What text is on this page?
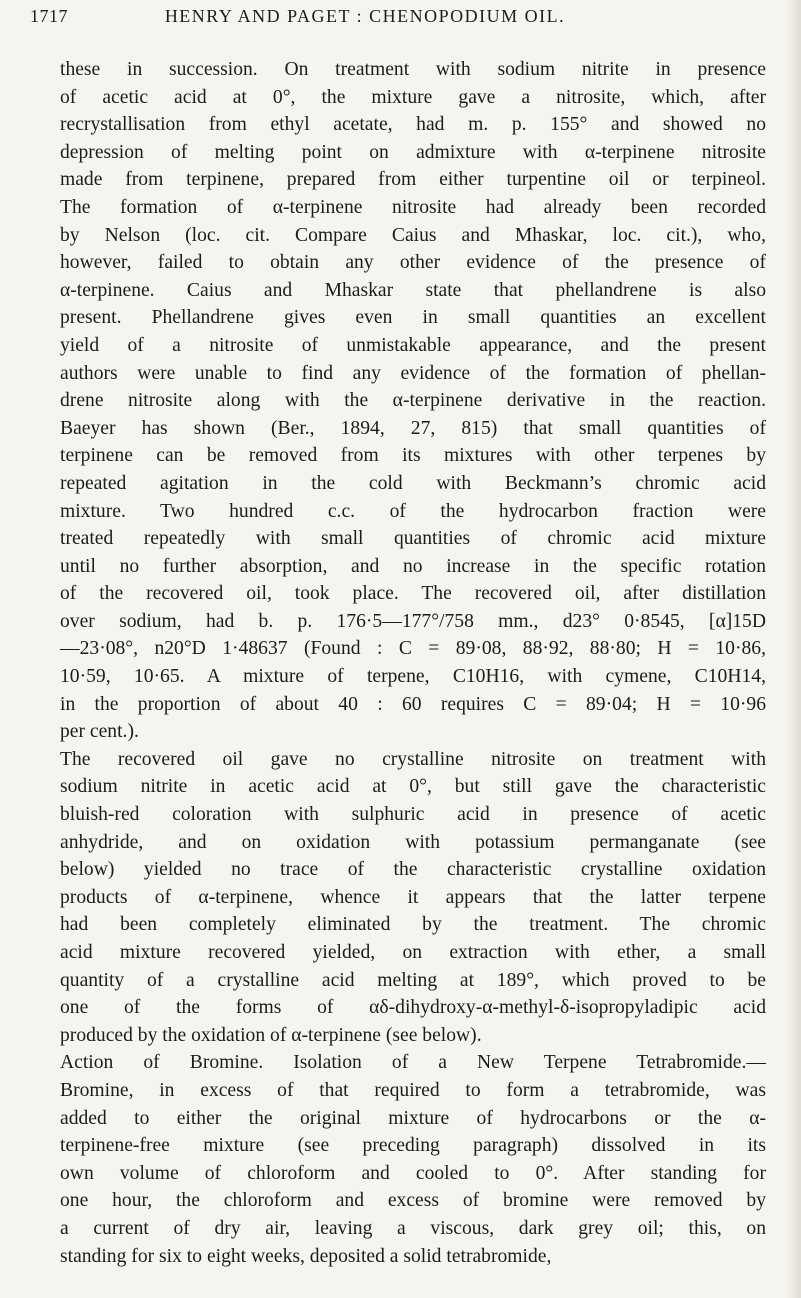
1717	HENRY AND PAGET : CHENOPODIUM OIL.
these in succession. On treatment with sodium nitrite in presence
of acetic acid at 0°, the mixture gave a nitrosite, which, after
recrystallisation from ethyl acetate, had m. p. 155° and showed no
depression of melting point on admixture with α-terpinene nitrosite
made from terpinene, prepared from either turpentine oil or terpineol.
The formation of α-terpinene nitrosite had already been recorded
by Nelson (loc. cit. Compare Caius and Mhaskar, loc. cit.), who,
however, failed to obtain any other evidence of the presence of
α-terpinene. Caius and Mhaskar state that phellandrene is also
present. Phellandrene gives even in small quantities an excellent
yield of a nitrosite of unmistakable appearance, and the present
authors were unable to find any evidence of the formation of phellan-
drene nitrosite along with the α-terpinene derivative in the reaction.
Baeyer has shown (Ber., 1894, 27, 815) that small quantities of
terpinene can be removed from its mixtures with other terpenes by
repeated agitation in the cold with Beckmann’s chromic acid
mixture. Two hundred c.c. of the hydrocarbon fraction were
treated repeatedly with small quantities of chromic acid mixture
until no further absorption, and no increase in the specific rotation
of the recovered oil, took place. The recovered oil, after distillation
over sodium, had b. p. 176·5—177°/758 mm., d23° 0·8545, [α]15D
—23·08°, n20°D 1·48637 (Found : C = 89·08, 88·92, 88·80; H = 10·86,
10·59, 10·65. A mixture of terpene, C10H16, with cymene, C10H14,
in the proportion of about 40 : 60 requires C = 89·04; H = 10·96
per cent.).
The recovered oil gave no crystalline nitrosite on treatment with
sodium nitrite in acetic acid at 0°, but still gave the characteristic
bluish-red coloration with sulphuric acid in presence of acetic
anhydride, and on oxidation with potassium permanganate (see
below) yielded no trace of the characteristic crystalline oxidation
products of α-terpinene, whence it appears that the latter terpene
had been completely eliminated by the treatment. The chromic
acid mixture recovered yielded, on extraction with ether, a small
quantity of a crystalline acid melting at 189°, which proved to be
one of the forms of αδ-dihydroxy-α-methyl-δ-isopropyladipic acid
produced by the oxidation of α-terpinene (see below).
Action of Bromine. Isolation of a New Terpene Tetrabromide.—
Bromine, in excess of that required to form a tetrabromide, was
added to either the original mixture of hydrocarbons or the α-
terpinene-free mixture (see preceding paragraph) dissolved in its
own volume of chloroform and cooled to 0°. After standing for
one hour, the chloroform and excess of bromine were removed by
a current of dry air, leaving a viscous, dark grey oil; this, on
standing for six to eight weeks, deposited a solid tetrabromide,
